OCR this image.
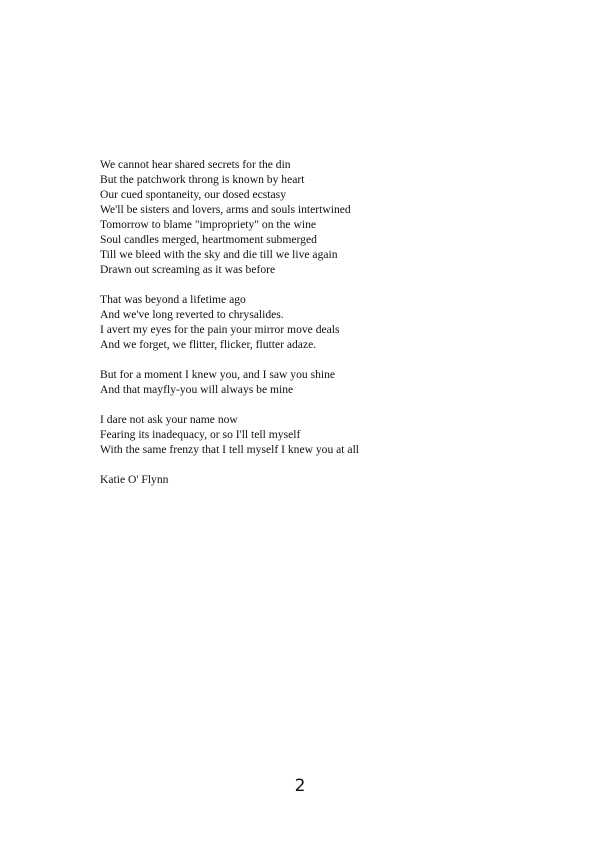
We cannot hear shared secrets for the din
But the patchwork throng is known by heart
Our cued spontaneity, our dosed ecstasy
We'll be sisters and lovers, arms and souls intertwined
Tomorrow to blame "impropriety" on the wine
Soul candles merged, heartmoment submerged
Till we bleed with the sky and die till we live again
Drawn out screaming as it was before
That was beyond a lifetime ago
And we've long reverted to chrysalides.
I avert my eyes for the pain your mirror move deals
And we forget, we flitter, flicker, flutter adaze.
But for a moment I knew you, and I saw you shine
And that mayfly-you will always be mine
I dare not ask your name now
Fearing its inadequacy, or so I'll tell myself
With the same frenzy that I tell myself I knew you at all
Katie O' Flynn
2
